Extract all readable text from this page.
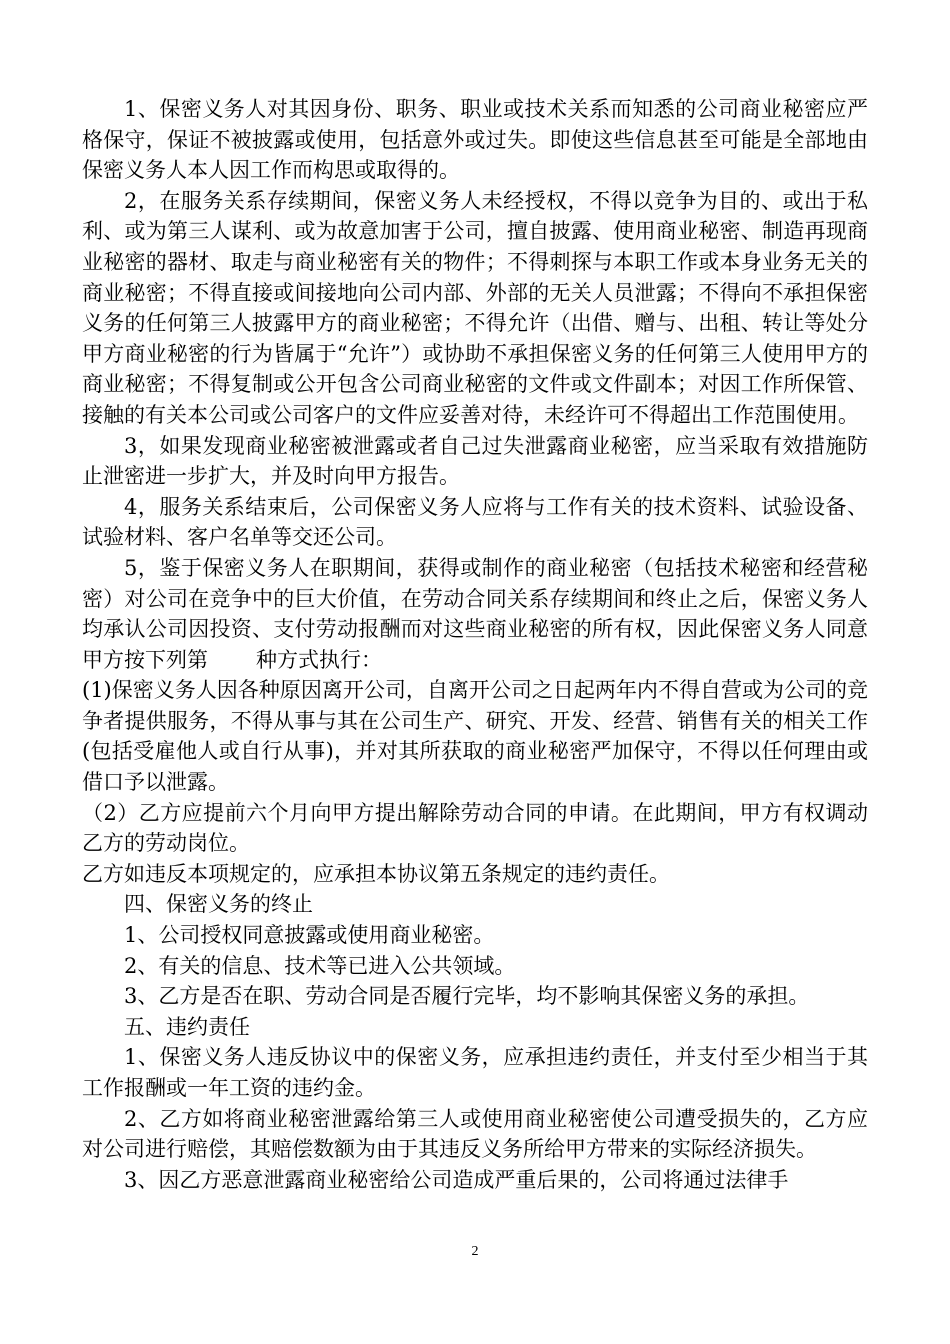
1、保密义务人对其因身份、职务、职业或技术关系而知悉的公司商业秘密应严格保守，保证不被披露或使用，包括意外或过失。即使这些信息甚至可能是全部地由保密义务人本人因工作而构思或取得的。

2，在服务关系存续期间，保密义务人未经授权，不得以竞争为目的、或出于私利、或为第三人谋利、或为故意加害于公司，擅自披露、使用商业秘密、制造再现商业秘密的器材、取走与商业秘密有关的物件；不得刺探与本职工作或本身业务无关的商业秘密；不得直接或间接地向公司内部、外部的无关人员泄露；不得向不承担保密义务的任何第三人披露甲方的商业秘密；不得允许（出借、赠与、出租、转让等处分甲方商业秘密的行为皆属于“允许”）或协助不承担保密义务的任何第三人使用甲方的商业秘密；不得复制或公开包含公司商业秘密的文件或文件副本；对因工作所保管、接触的有关本公司或公司客户的文件应妥善对待，未经许可不得超出工作范围使用。

3，如果发现商业秘密被泄露或者自己过失泄露商业秘密，应当采取有效措施防止泄密进一步扩大，并及时向甲方报告。

4，服务关系结束后，公司保密义务人应将与工作有关的技术资料、试验设备、试验材料、客户名单等交还公司。

5，鉴于保密义务人在职期间，获得或制作的商业秘密（包括技术秘密和经营秘密）对公司在竞争中的巨大价值，在劳动合同关系存续期间和终止之后，保密义务人均承认公司因投资、支付劳动报酬而对这些商业秘密的所有权，因此保密义务人同意甲方按下列第 种方式执行：

(1)保密义务人因各种原因离开公司，自离开公司之日起两年内不得自营或为公司的竞争者提供服务，不得从事与其在公司生产、研究、开发、经营、销售有关的相关工作(包括受雇他人或自行从事)，并对其所获取的商业秘密严加保守，不得以任何理由或借口予以泄露。

（2）乙方应提前六个月向甲方提出解除劳动合同的申请。在此期间，甲方有权调动乙方的劳动岗位。

乙方如违反本项规定的，应承担本协议第五条规定的违约责任。

四、保密义务的终止

1、公司授权同意披露或使用商业秘密。

2、有关的信息、技术等已进入公共领域。

3、乙方是否在职、劳动合同是否履行完毕，均不影响其保密义务的承担。

五、违约责任

1、保密义务人违反协议中的保密义务，应承担违约责任，并支付至少相当于其工作报酬或一年工资的违约金。

2、乙方如将商业秘密泄露给第三人或使用商业秘密使公司遭受损失的，乙方应对公司进行赔偿，其赔偿数额为由于其违反义务所给甲方带来的实际经济损失。

3、因乙方恶意泄露商业秘密给公司造成严重后果的，公司将通过法律手

2
